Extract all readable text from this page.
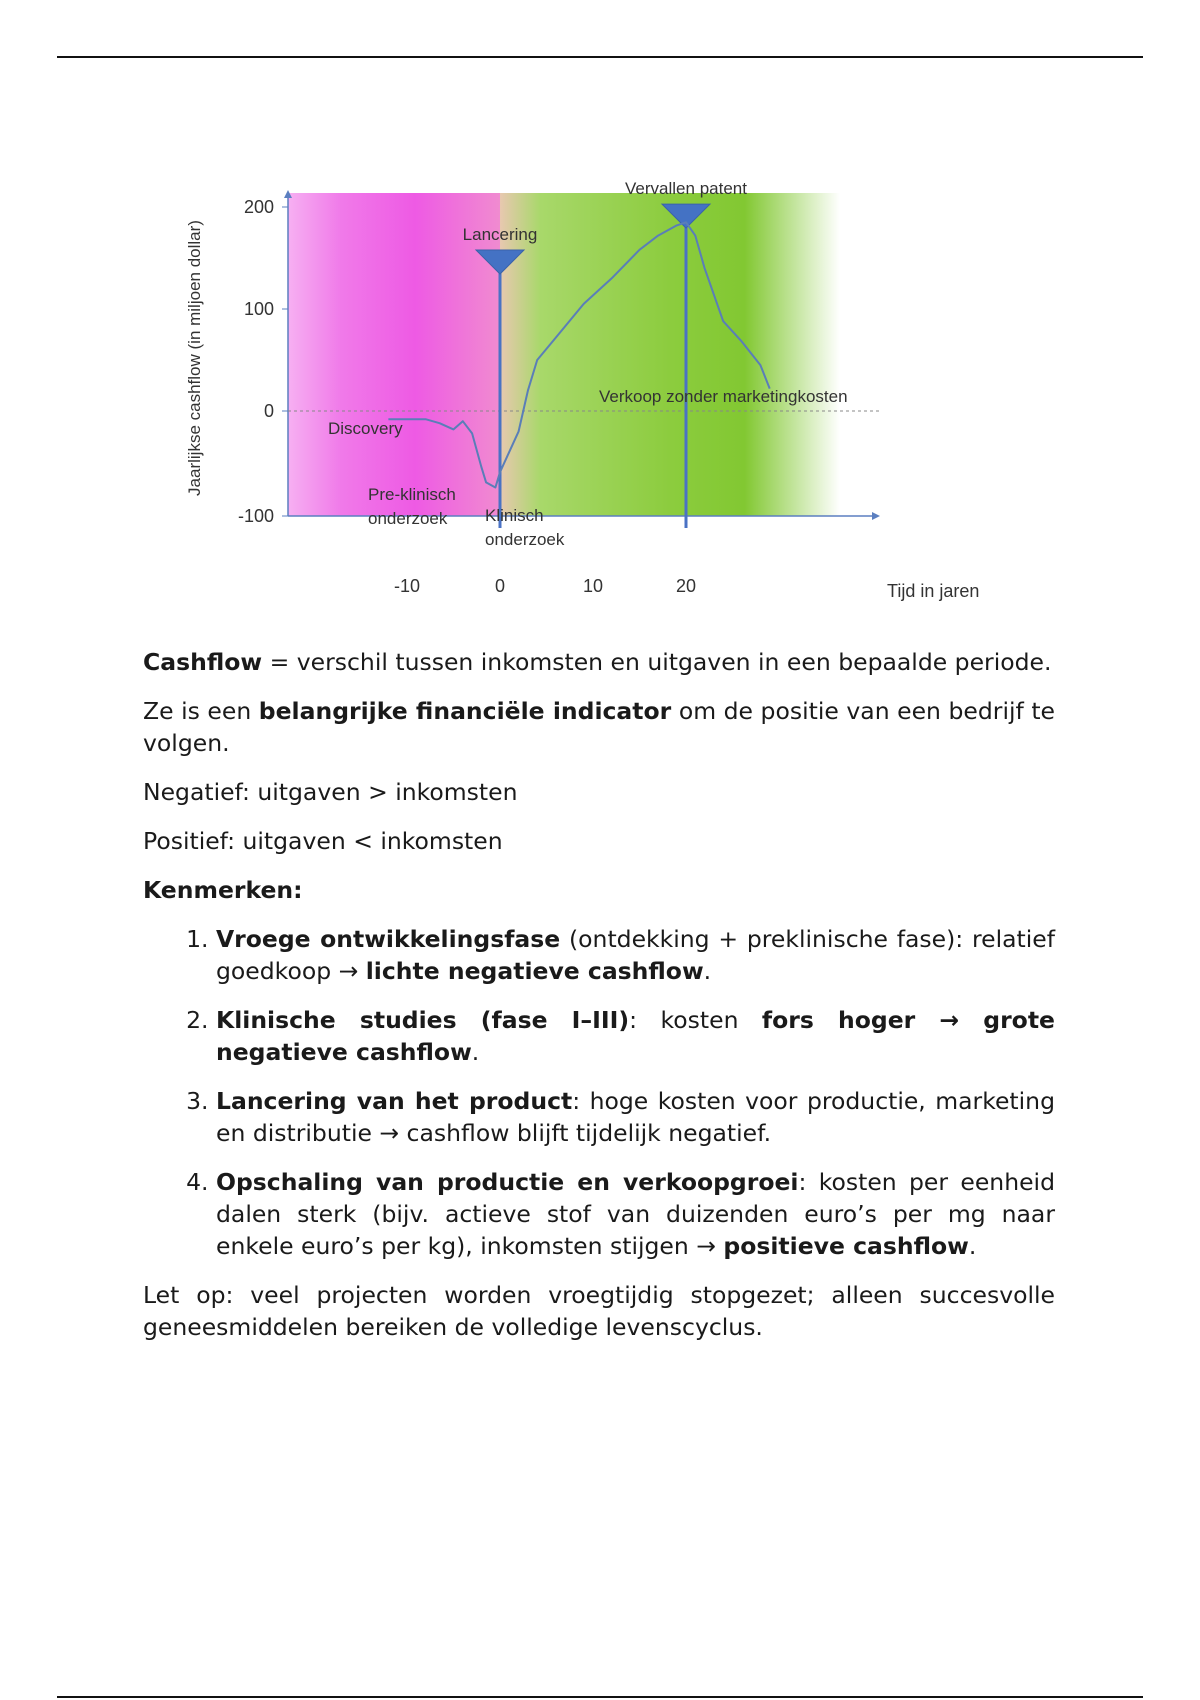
-100
0
100
200
-10	0	10	20
Lancering
Vervallen patent
Jaarlijkse cashflow (in miljoen dollar)
Tijd in jaren
Discovery
Pre-klinisch
onderzoek Klinisch
onderzoek
Verkoop zonder marketingkosten

Cashflow = verschil tussen inkomsten en uitgaven in een bepaalde periode.

Ze is een belangrijke financiële indicator om de positie van een bedrijf te volgen.

Negatief: uitgaven > inkomsten

Positief: uitgaven < inkomsten

Kenmerken:

1. Vroege ontwikkelingsfase (ontdekking + preklinische fase): relatief goedkoop → lichte negatieve cashflow.
2. Klinische studies (fase I–III): kosten fors hoger → grote negatieve cashflow.
3. Lancering van het product: hoge kosten voor productie, marketing en distributie → cashflow blijft tijdelijk negatief.
4. Opschaling van productie en verkoopgroei: kosten per eenheid dalen sterk (bijv. actieve stof van duizenden euro’s per mg naar enkele euro’s per kg), inkomsten stijgen → positieve cashflow.

Let op: veel projecten worden vroegtijdig stopgezet; alleen succesvolle geneesmiddelen bereiken de volledige levenscyclus.
